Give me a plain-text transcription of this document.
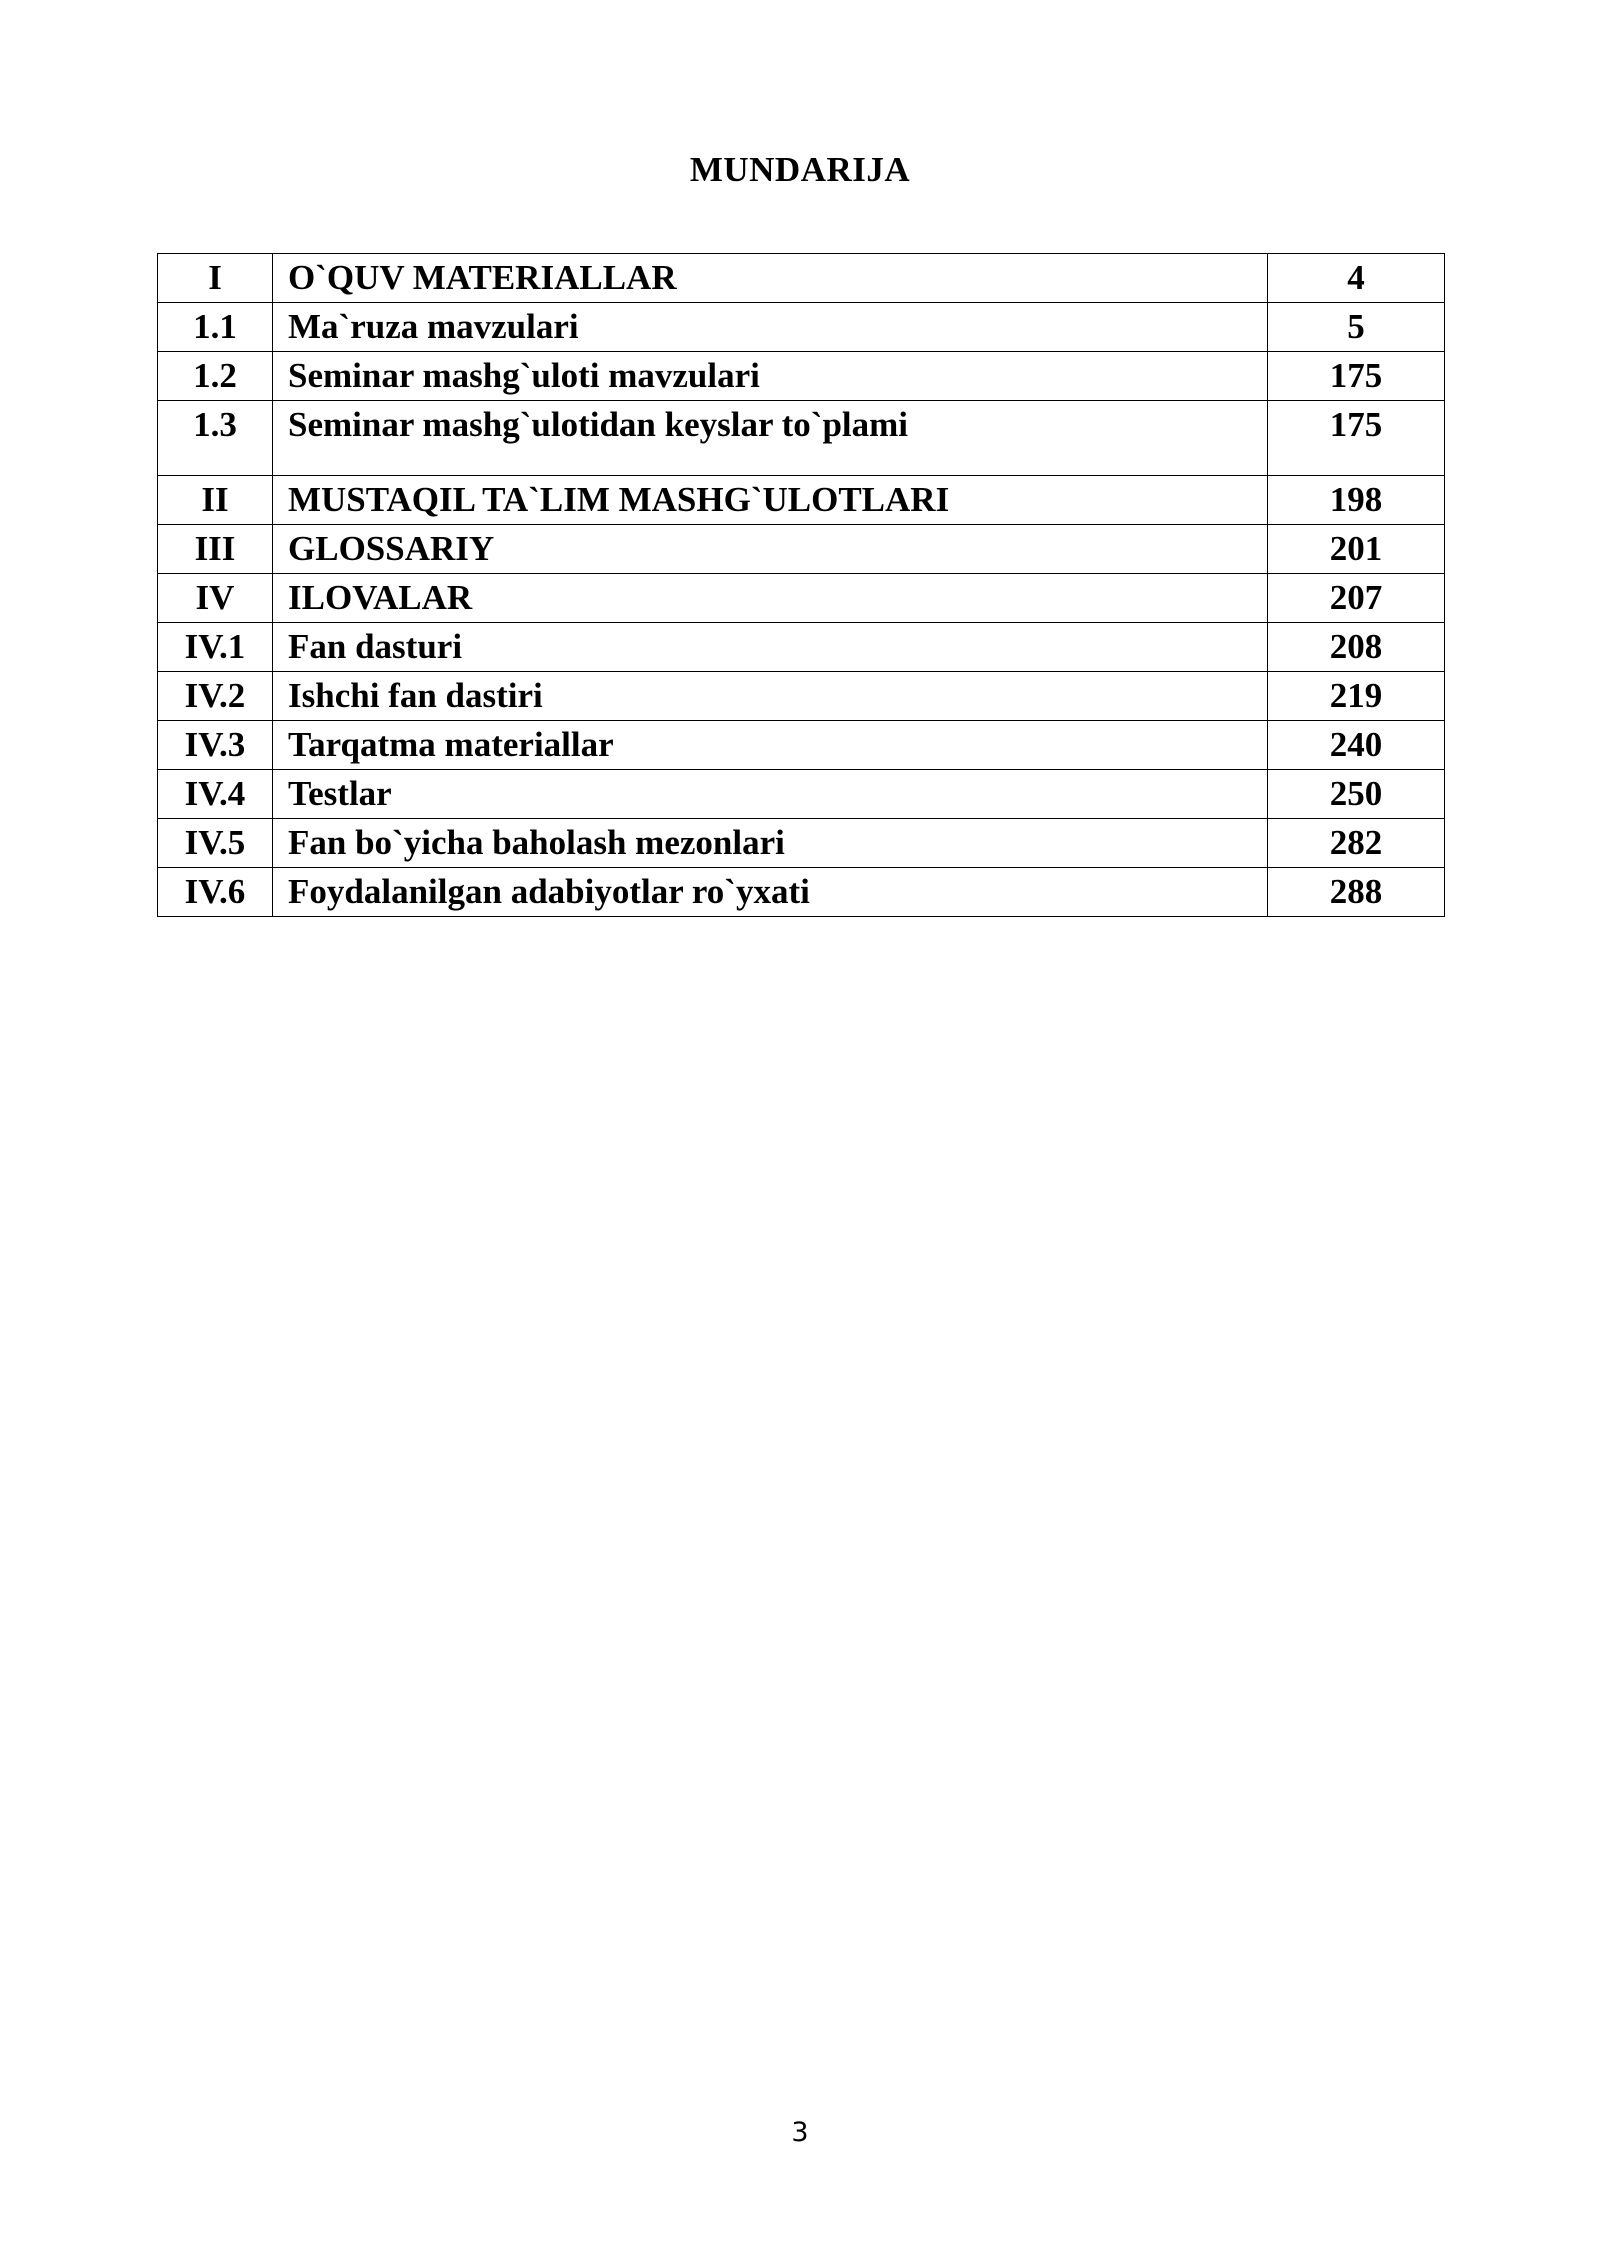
MUNDARIJA
I	O`QUV MATERIALLAR	4
1.1	Ma`ruza mavzulari	5
1.2	Seminar mashg`uloti mavzulari	175
1.3	Seminar mashg`ulotidan keyslar to`plami	175
II	MUSTAQIL TA`LIM MASHG`ULOTLARI	198
III	GLOSSARIY	201
IV	ILOVALAR	207
IV.1	Fan dasturi	208
IV.2	Ishchi fan dastiri	219
IV.3	Tarqatma materiallar	240
IV.4	Testlar	250
IV.5	Fan bo`yicha baholash mezonlari	282
IV.6	Foydalanilgan adabiyotlar ro`yxati	288
3
